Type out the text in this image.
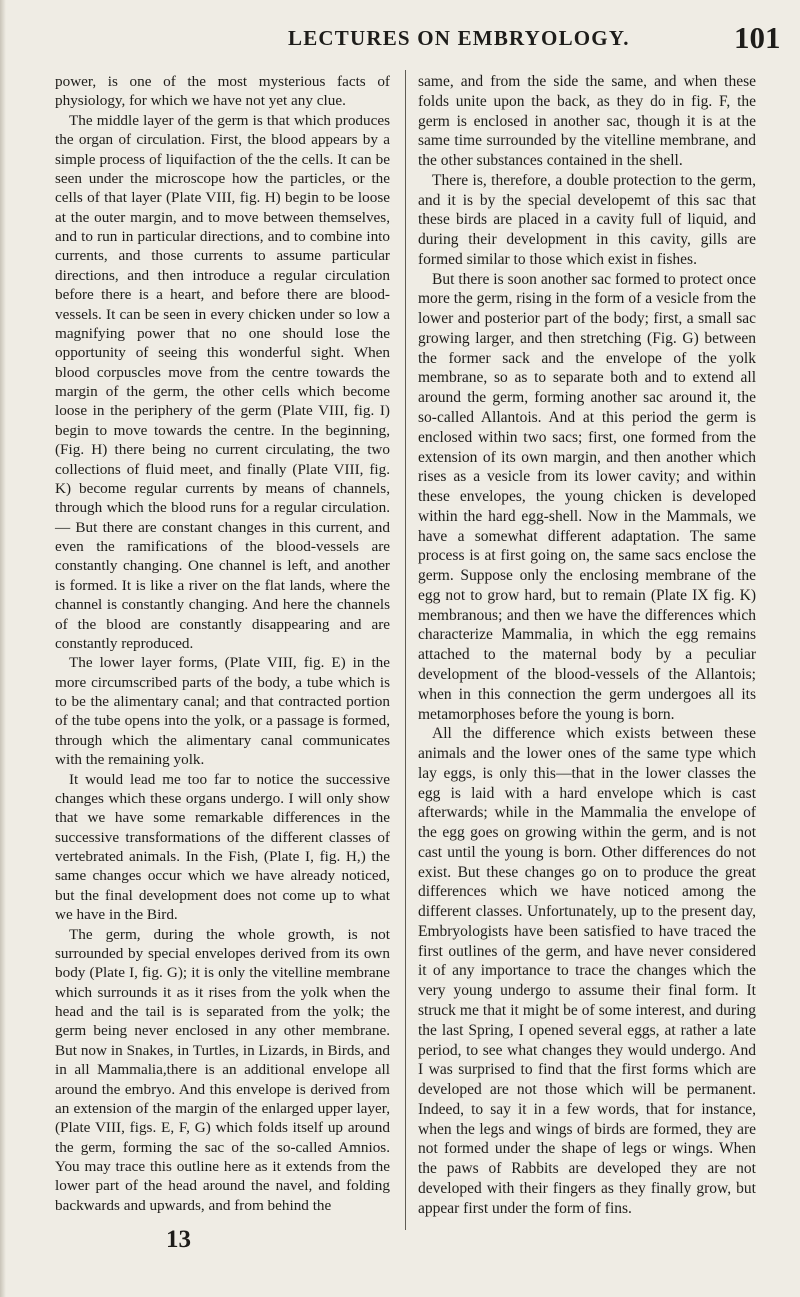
LECTURES ON EMBRYOLOGY.	101

power, is one of the most mysterious facts of physiology, for which we have not yet any clue.

The middle layer of the germ is that which produces the organ of circulation. First, the blood appears by a simple process of liquifaction of the the cells. It can be seen under the microscope how the particles, or the cells of that layer (Plate VIII, fig. H) begin to be loose at the outer margin, and to move between themselves, and to run in particular directions, and to combine into currents, and those currents to assume particular directions, and then introduce a regular circulation before there is a heart, and before there are blood-vessels. It can be seen in every chicken under so low a magnifying power that no one should lose the opportunity of seeing this wonderful sight. When blood corpuscles move from the centre towards the margin of the germ, the other cells which become loose in the periphery of the germ (Plate VIII, fig. I) begin to move towards the centre. In the beginning, (Fig. H) there being no current circulating, the two collections of fluid meet, and finally (Plate VIII, fig. K) become regular currents by means of channels, through which the blood runs for a regular circulation.— But there are constant changes in this current, and even the ramifications of the blood-vessels are constantly changing. One channel is left, and another is formed. It is like a river on the flat lands, where the channel is constantly changing. And here the channels of the blood are constantly disappearing and are constantly reproduced.

The lower layer forms, (Plate VIII, fig. E) in the more circumscribed parts of the body, a tube which is to be the alimentary canal; and that contracted portion of the tube opens into the yolk, or a passage is formed, through which the alimentary canal communicates with the remaining yolk.

It would lead me too far to notice the successive changes which these organs undergo. I will only show that we have some remarkable differences in the successive transformations of the different classes of vertebrated animals. In the Fish, (Plate I, fig. H,) the same changes occur which we have already noticed, but the final development does not come up to what we have in the Bird.

The germ, during the whole growth, is not surrounded by special envelopes derived from its own body (Plate I, fig. G); it is only the vitelline membrane which surrounds it as it rises from the yolk when the head and the tail is is separated from the yolk; the germ being never enclosed in any other membrane. But now in Snakes, in Turtles, in Lizards, in Birds, and in all Mammalia,there is an additional envelope all around the embryo. And this envelope is derived from an extension of the margin of the enlarged upper layer, (Plate VIII, figs. E, F, G) which folds itself up around the germ, forming the sac of the so-called Amnios. You may trace this outline here as it extends from the lower part of the head around the navel, and folding backwards and upwards, and from behind the

same, and from the side the same, and when these folds unite upon the back, as they do in fig. F, the germ is enclosed in another sac, though it is at the same time surrounded by the vitelline membrane, and the other substances contained in the shell.

There is, therefore, a double protection to the germ, and it is by the special developemt of this sac that these birds are placed in a cavity full of liquid, and during their development in this cavity, gills are formed similar to those which exist in fishes.

But there is soon another sac formed to protect once more the germ, rising in the form of a vesicle from the lower and posterior part of the body; first, a small sac growing larger, and then stretching (Fig. G) between the former sack and the envelope of the yolk membrane, so as to separate both and to extend all around the germ, forming another sac around it, the so-called Allantois. And at this period the germ is enclosed within two sacs; first, one formed from the extension of its own margin, and then another which rises as a vesicle from its lower cavity; and within these envelopes, the young chicken is developed within the hard egg-shell. Now in the Mammals, we have a somewhat different adaptation. The same process is at first going on, the same sacs enclose the germ. Suppose only the enclosing membrane of the egg not to grow hard, but to remain (Plate IX fig. K) membranous; and then we have the differences which characterize Mammalia, in which the egg remains attached to the maternal body by a peculiar development of the blood-vessels of the Allantois; when in this connection the germ undergoes all its metamorphoses before the young is born.

All the difference which exists between these animals and the lower ones of the same type which lay eggs, is only this—that in the lower classes the egg is laid with a hard envelope which is cast afterwards; while in the Mammalia the envelope of the egg goes on growing within the germ, and is not cast until the young is born. Other differences do not exist. But these changes go on to produce the great differences which we have noticed among the different classes. Unfortunately, up to the present day, Embryologists have been satisfied to have traced the first outlines of the germ, and have never considered it of any importance to trace the changes which the very young undergo to assume their final form. It struck me that it might be of some interest, and during the last Spring, I opened several eggs, at rather a late period, to see what changes they would undergo. And I was surprised to find that the first forms which are developed are not those which will be permanent. Indeed, to say it in a few words, that for instance, when the legs and wings of birds are formed, they are not formed under the shape of legs or wings. When the paws of Rabbits are developed they are not developed with their fingers as they finally grow, but appear first under the form of fins.

13
